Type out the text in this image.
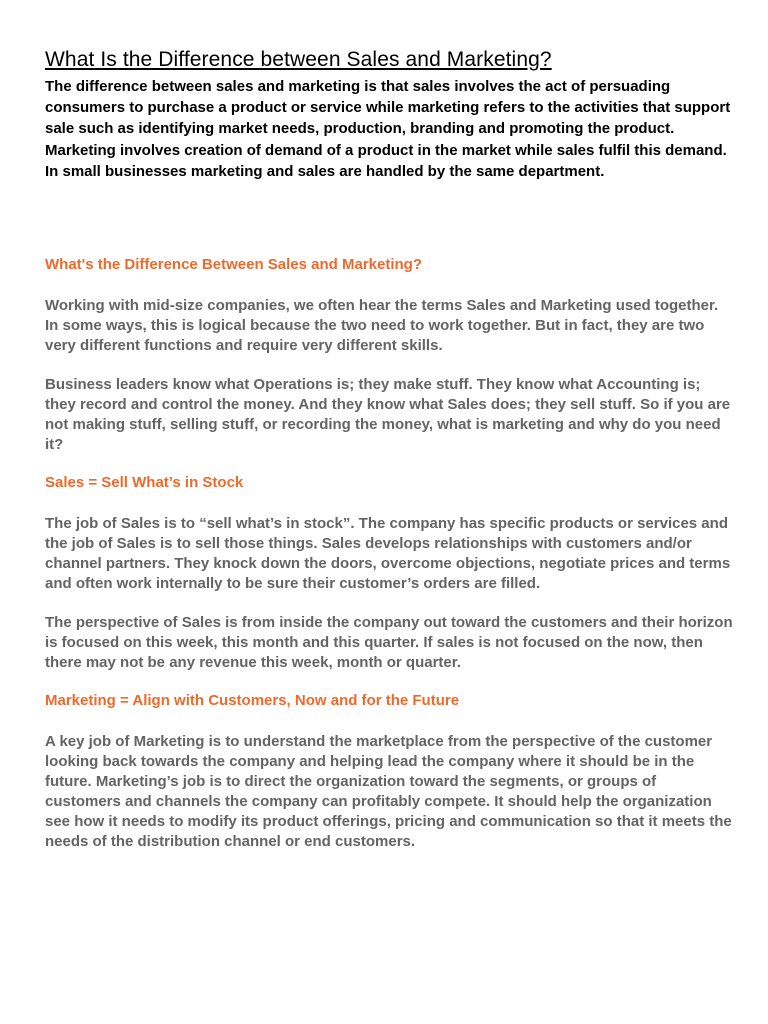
What Is the Difference between Sales and Marketing?

The difference between sales and marketing is that sales involves the act of persuading consumers to purchase a product or service while marketing refers to the activities that support sale such as identifying market needs, production, branding and promoting the product. Marketing involves creation of demand of a product in the market while sales fulfil this demand. In small businesses marketing and sales are handled by the same department.

What's the Difference Between Sales and Marketing?

Working with mid-size companies, we often hear the terms Sales and Marketing used together. In some ways, this is logical because the two need to work together. But in fact, they are two very different functions and require very different skills.

Business leaders know what Operations is; they make stuff. They know what Accounting is; they record and control the money. And they know what Sales does; they sell stuff. So if you are not making stuff, selling stuff, or recording the money, what is marketing and why do you need it?

Sales = Sell What’s in Stock

The job of Sales is to “sell what’s in stock”. The company has specific products or services and the job of Sales is to sell those things. Sales develops relationships with customers and/or channel partners. They knock down the doors, overcome objections, negotiate prices and terms and often work internally to be sure their customer’s orders are filled.

The perspective of Sales is from inside the company out toward the customers and their horizon is focused on this week, this month and this quarter. If sales is not focused on the now, then there may not be any revenue this week, month or quarter.

Marketing = Align with Customers, Now and for the Future

A key job of Marketing is to understand the marketplace from the perspective of the customer looking back towards the company and helping lead the company where it should be in the future. Marketing’s job is to direct the organization toward the segments, or groups of customers and channels the company can profitably compete. It should help the organization see how it needs to modify its product offerings, pricing and communication so that it meets the needs of the distribution channel or end customers.
